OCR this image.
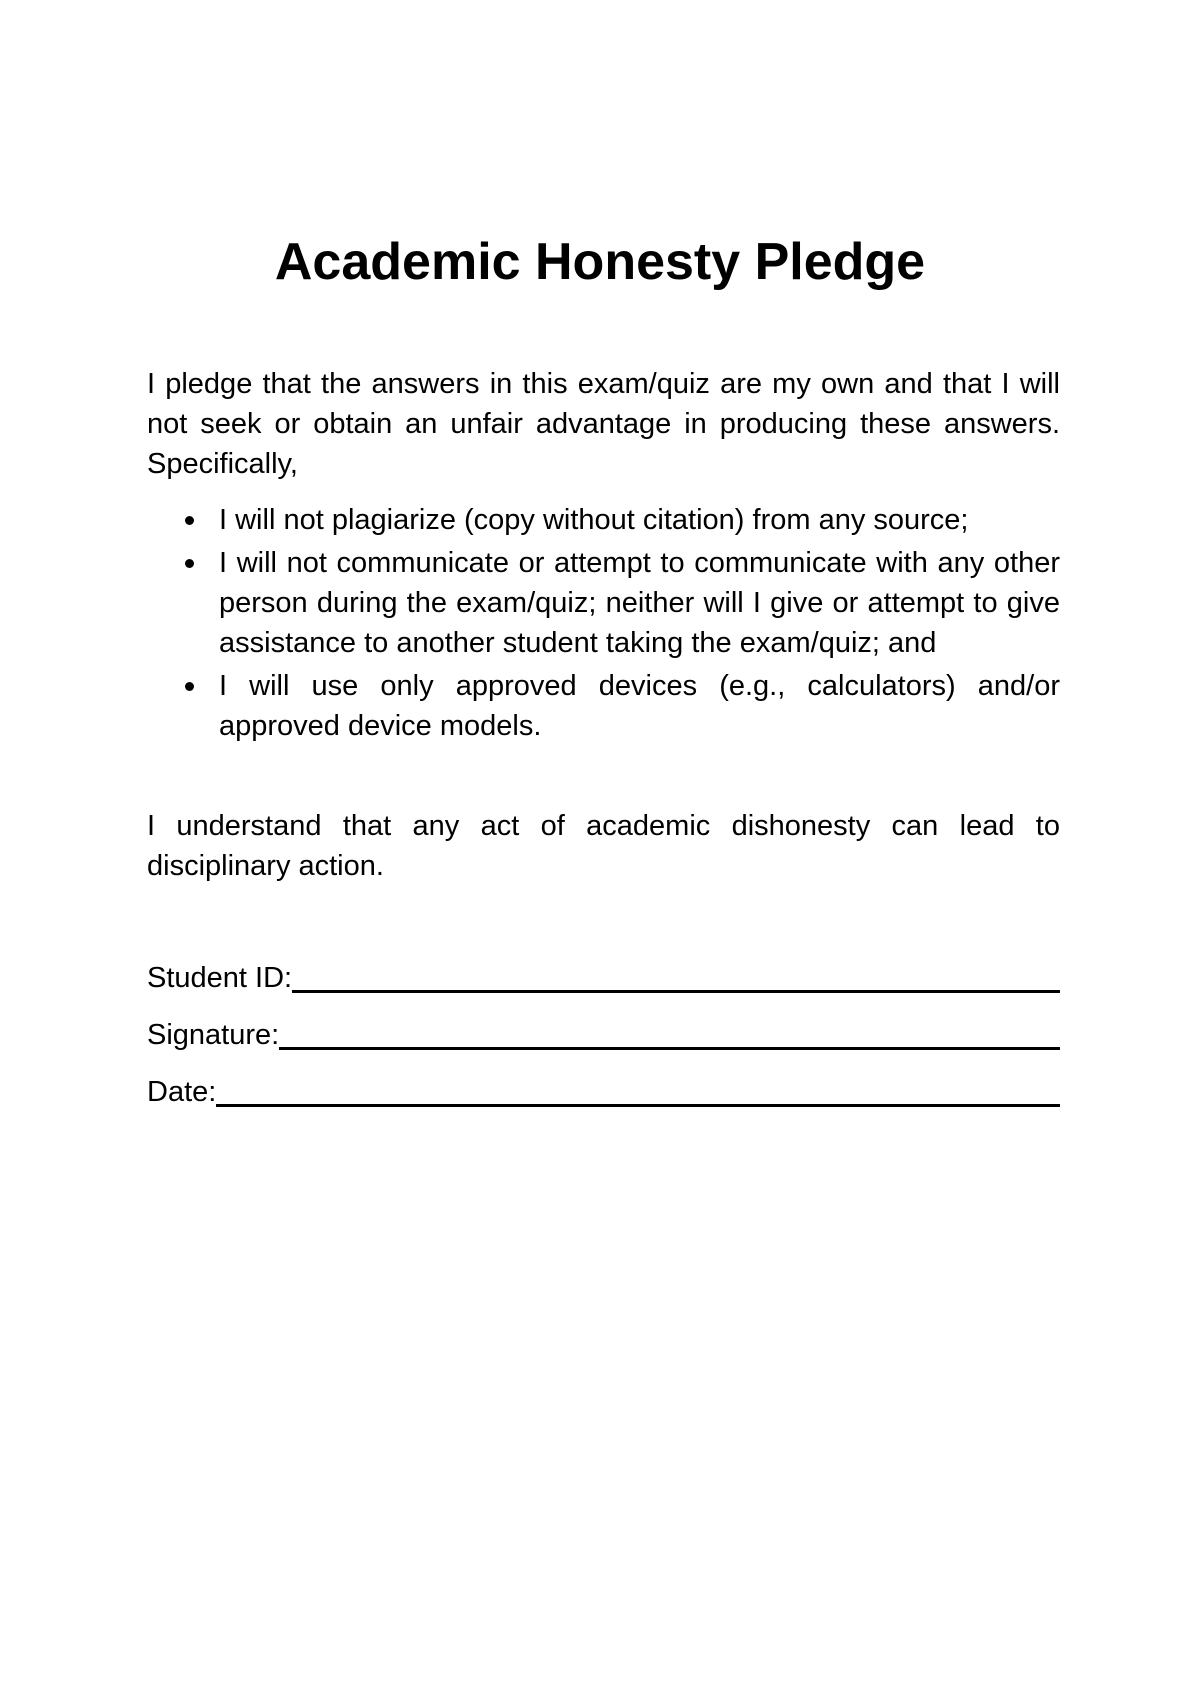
Academic Honesty Pledge

I pledge that the answers in this exam/quiz are my own and that I will not seek or obtain an unfair advantage in producing these answers. Specifically,

I will not plagiarize (copy without citation) from any source;
I will not communicate or attempt to communicate with any other person during the exam/quiz; neither will I give or attempt to give assistance to another student taking the exam/quiz; and
I will use only approved devices (e.g., calculators) and/or approved device models.

I understand that any act of academic dishonesty can lead to disciplinary action.

Student ID:
Signature:
Date:
